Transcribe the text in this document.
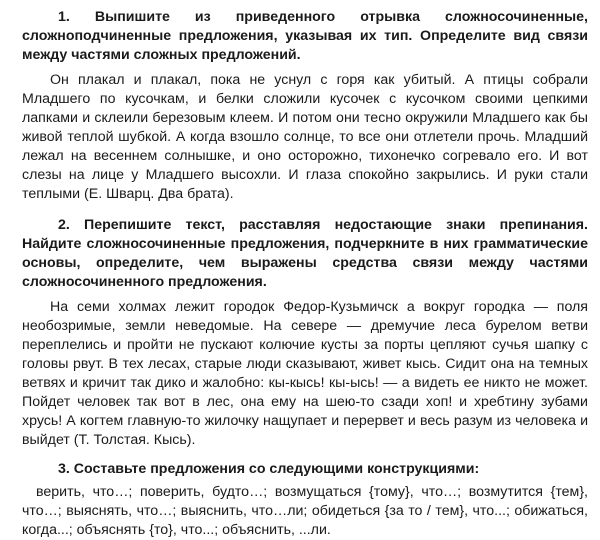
1. Выпишите из приведенного отрывка сложносочиненные, сложноподчиненные предложения, указывая их тип. Определите вид связи между частями сложных предложений.

Он плакал и плакал, пока не уснул с горя как убитый. А птицы собрали Младшего по кусочкам, и белки сложили кусочек с кусочком своими цепкими лапками и склеили березовым клеем. И потом они тесно окружили Младшего как бы живой теплой шубкой. А когда взошло солнце, то все они отлетели прочь. Младший лежал на весеннем солнышке, и оно осторожно, тихонечко согревало его. И вот слезы на лице у Младшего высохли. И глаза спокойно закрылись. И руки стали теплыми (Е. Шварц. Два брата).

2. Перепишите текст, расставляя недостающие знаки препинания. Найдите сложносочиненные предложения, подчеркните в них грамматические основы, определите, чем выражены средства связи между частями сложносочиненного предложения.

На семи холмах лежит городок Федор-Кузьмичск а вокруг городка — поля необозримые, земли неведомые. На севере — дремучие леса бурелом ветви переплелись и пройти не пускают колючие кусты за порты цепляют сучья шапку с головы рвут. В тех лесах, старые люди сказывают, живет кысь. Сидит она на темных ветвях и кричит так дико и жалобно: кы-кысь! кы-ысь! — а видеть ее никто не может. Пойдет человек так вот в лес, она ему на шею-то сзади хоп! и хребтину зубами хрусь! А когтем главную-то жилочку нащупает и перервет и весь разум из человека и выйдет (Т. Толстая. Кысь).

3. Составьте предложения со следующими конструкциями:

верить, что…; поверить, будто…; возмущаться {тому}, что…; возмутится {тем}, что…; выяснять, что…; выяснить, что…ли; обидеться {за то / тем}, что...; обижаться, когда...; объяснять {то}, что...; объяснить, ...ли.
